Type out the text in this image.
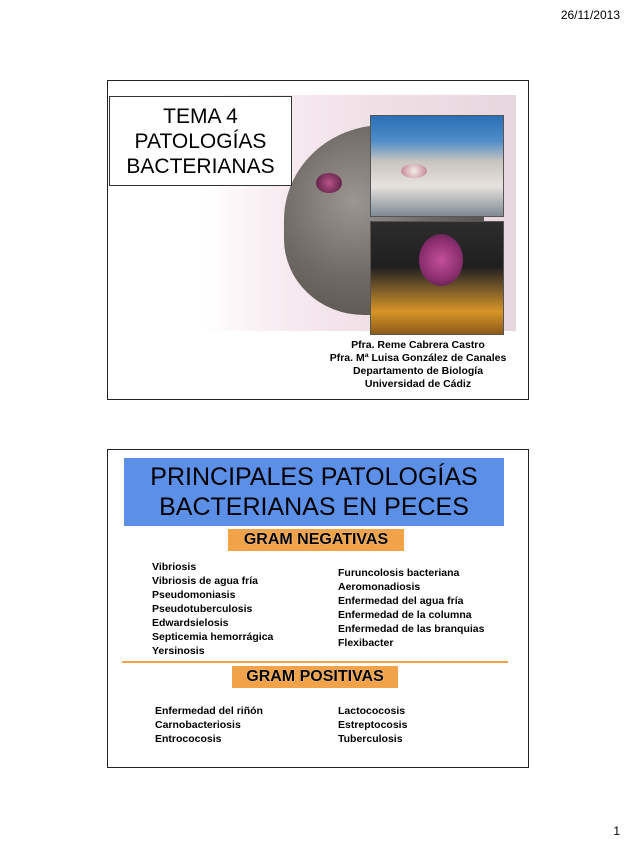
26/11/2013
TEMA 4
PATOLOGÍAS
BACTERIANAS
Pfra. Reme Cabrera Castro
Pfra. Mª Luisa González de Canales
Departamento de Biología
Universidad de Cádiz
PRINCIPALES PATOLOGÍAS
BACTERIANAS EN PECES
GRAM NEGATIVAS
Vibriosis
Vibriosis de agua fría
Pseudomoniasis
Pseudotuberculosis
Edwardsielosis
Septicemia hemorrágica
Yersinosis
Furuncolosis bacteriana
Aeromonadiosis
Enfermedad del agua fría
Enfermedad de la columna
Enfermedad de las branquias
Flexibacter
GRAM POSITIVAS
Enfermedad del riñón
Carnobacteriosis
Entrococosis
Lactococosis
Estreptocosis
Tuberculosis
1
